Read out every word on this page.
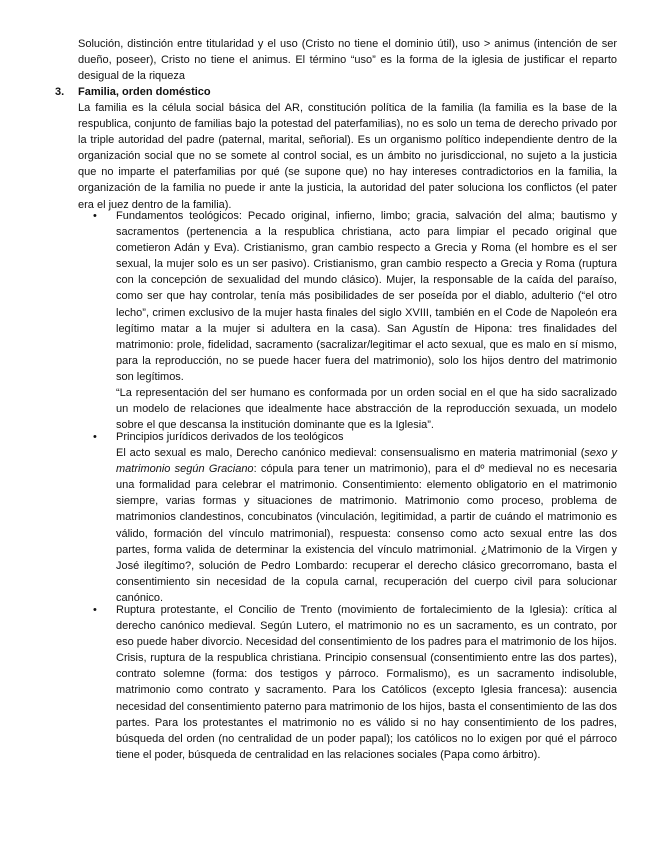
Solución, distinción entre titularidad y el uso (Cristo no tiene el dominio útil), uso > animus (intención de ser dueño, poseer), Cristo no tiene el animus. El término “uso” es la forma de la iglesia de justificar el reparto desigual de la riqueza

3. Familia, orden doméstico

La familia es la célula social básica del AR, constitución política de la familia (la familia es la base de la respublica, conjunto de familias bajo la potestad del paterfamilias), no es solo un tema de derecho privado por la triple autoridad del padre (paternal, marital, señorial). Es un organismo político independiente dentro de la organización social que no se somete al control social, es un ámbito no jurisdiccional, no sujeto a la justicia que no imparte el paterfamilias por qué (se supone que) no hay intereses contradictorios en la familia, la organización de la familia no puede ir ante la justicia, la autoridad del pater soluciona los conflictos (el pater era el juez dentro de la familia).

• Fundamentos teológicos: Pecado original, infierno, limbo; gracia, salvación del alma; bautismo y sacramentos (pertenencia a la respublica christiana, acto para limpiar el pecado original que cometieron Adán y Eva). Cristianismo, gran cambio respecto a Grecia y Roma (el hombre es el ser sexual, la mujer solo es un ser pasivo). Cristianismo, gran cambio respecto a Grecia y Roma (ruptura con la concepción de sexualidad del mundo clásico). Mujer, la responsable de la caída del paraíso, como ser que hay controlar, tenía más posibilidades de ser poseída por el diablo, adulterio (“el otro lecho”, crimen exclusivo de la mujer hasta finales del siglo XVIII, también en el Code de Napoleón era legítimo matar a la mujer si adultera en la casa). San Agustín de Hipona: tres finalidades del matrimonio: prole, fidelidad, sacramento (sacralizar/legitimar el acto sexual, que es malo en sí mismo, para la reproducción, no se puede hacer fuera del matrimonio), solo los hijos dentro del matrimonio son legítimos.
“La representación del ser humano es conformada por un orden social en el que ha sido sacralizado un modelo de relaciones que idealmente hace abstracción de la reproducción sexuada, un modelo sobre el que descansa la institución dominante que es la Iglesia”.
• Principios jurídicos derivados de los teológicos
El acto sexual es malo, Derecho canónico medieval: consensualismo en materia matrimonial (sexo y matrimonio según Graciano: cópula para tener un matrimonio), para el dº medieval no es necesaria una formalidad para celebrar el matrimonio. Consentimiento: elemento obligatorio en el matrimonio siempre, varias formas y situaciones de matrimonio. Matrimonio como proceso, problema de matrimonios clandestinos, concubinatos (vinculación, legitimidad, a partir de cuándo el matrimonio es válido, formación del vínculo matrimonial), respuesta: consenso como acto sexual entre las dos partes, forma valida de determinar la existencia del vínculo matrimonial. ¿Matrimonio de la Virgen y José ilegítimo?, solución de Pedro Lombardo: recuperar el derecho clásico grecorromano, basta el consentimiento sin necesidad de la copula carnal, recuperación del cuerpo civil para solucionar canónico.
• Ruptura protestante, el Concilio de Trento (movimiento de fortalecimiento de la Iglesia): crítica al derecho canónico medieval. Según Lutero, el matrimonio no es un sacramento, es un contrato, por eso puede haber divorcio. Necesidad del consentimiento de los padres para el matrimonio de los hijos. Crisis, ruptura de la respublica christiana. Principio consensual (consentimiento entre las dos partes), contrato solemne (forma: dos testigos y párroco. Formalismo), es un sacramento indisoluble, matrimonio como contrato y sacramento. Para los Católicos (excepto Iglesia francesa): ausencia necesidad del consentimiento paterno para matrimonio de los hijos, basta el consentimiento de las dos partes. Para los protestantes el matrimonio no es válido si no hay consentimiento de los padres, búsqueda del orden (no centralidad de un poder papal); los católicos no lo exigen por qué el párroco tiene el poder, búsqueda de centralidad en las relaciones sociales (Papa como árbitro).
